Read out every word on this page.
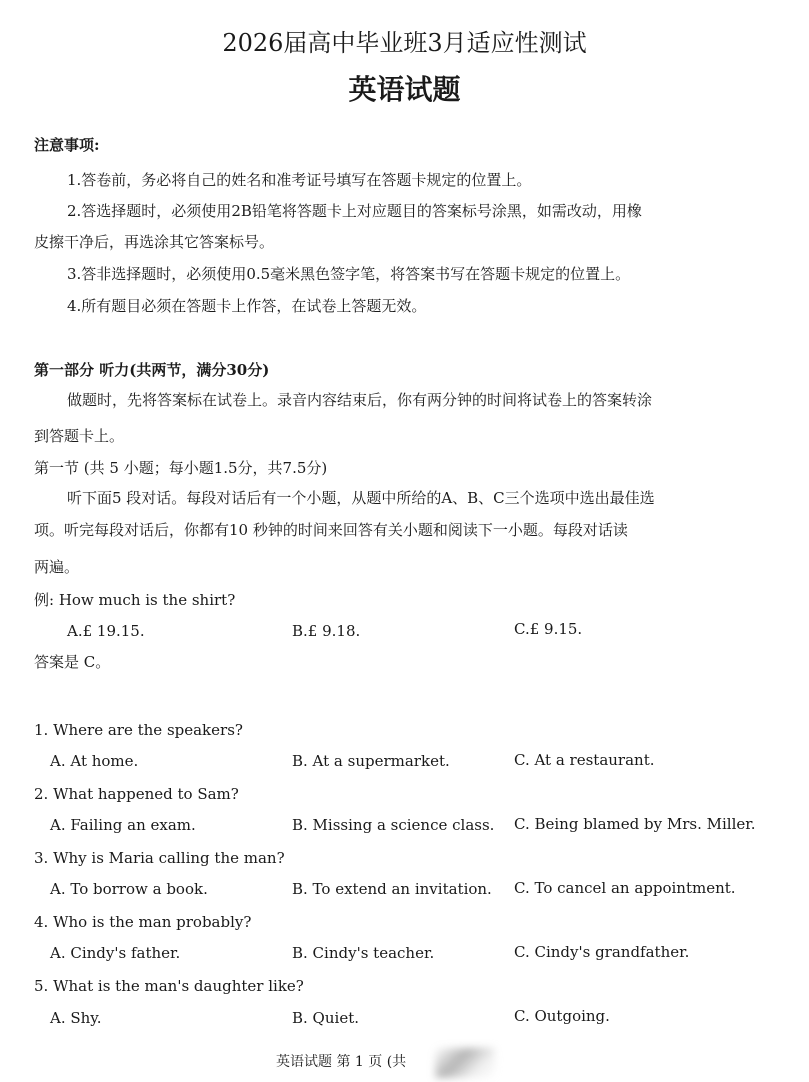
2026届高中毕业班3月适应性测试
英语试题
注意事项:
1.答卷前，务必将自己的姓名和准考证号填写在答题卡规定的位置上。
2.答选择题时，必须使用2B铅笔将答题卡上对应题目的答案标号涂黑，如需改动，用橡
皮擦干净后，再选涂其它答案标号。
3.答非选择题时，必须使用0.5毫米黑色签字笔，将答案书写在答题卡规定的位置上。
4.所有题目必须在答题卡上作答，在试卷上答题无效。
第一部分 听力(共两节，满分30分)
做题时，先将答案标在试卷上。录音内容结束后，你有两分钟的时间将试卷上的答案转涂
到答题卡上。
第一节 (共 5 小题；每小题1.5分，共7.5分)
听下面5 段对话。每段对话后有一个小题，从题中所给的A、B、C三个选项中选出最佳选
项。听完每段对话后，你都有10 秒钟的时间来回答有关小题和阅读下一小题。每段对话读
两遍。
例: How much is the shirt?
A.£ 19.15.	B.£ 9.18.	C.£ 9.15.
答案是 C。
1. Where are the speakers?
A. At home.	B. At a supermarket.	C. At a restaurant.
2. What happened to Sam?
A. Failing an exam.	B. Missing a science class. C. Being blamed by Mrs. Miller.
3. Why is Maria calling the man?
A. To borrow a book.	B. To extend an invitation. C. To cancel an appointment.
4. Who is the man probably?
A. Cindy's father.	B. Cindy's teacher.	C. Cindy's grandfather.
5. What is the man's daughter like?
A. Shy.	B. Quiet.	C. Outgoing.
英语试题 第 1 页 (共
